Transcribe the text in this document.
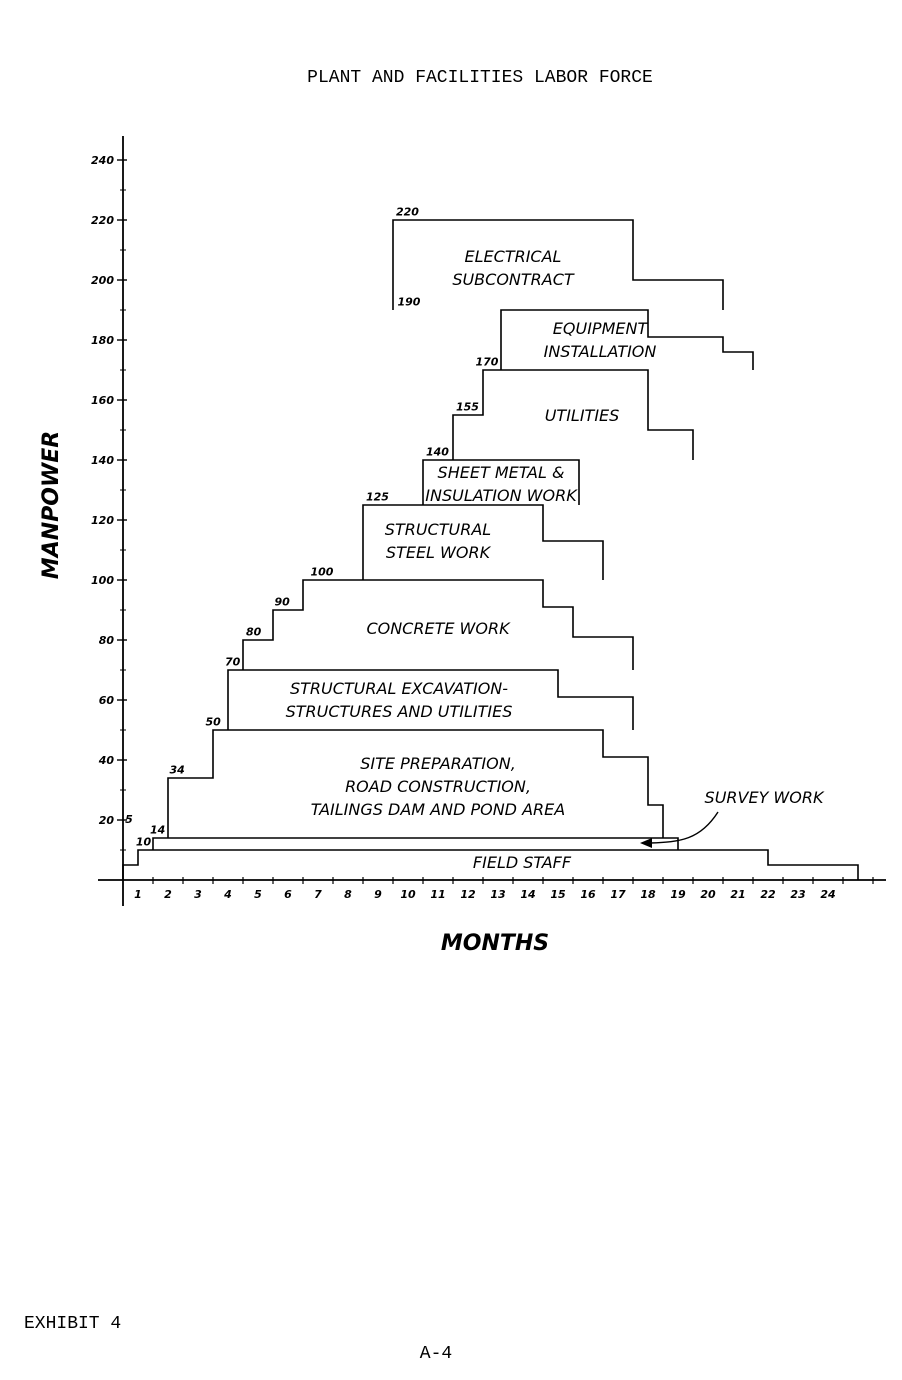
PLANT AND FACILITIES LABOR FORCE
20
40
60
80
100
120
140
160
180
200
220
240
1 2 3 4 5 6 7 8 9 10 11 12 13 14 15 16 17 18 19 20 21 22 23 24
MONTHS
MANPOWER
FIELD STAFF
SITE PREPARATION,
ROAD CONSTRUCTION,
TAILINGS DAM AND POND AREA
STRUCTURAL EXCAVATION-
STRUCTURES AND UTILITIES
CONCRETE WORK
STRUCTURAL
STEEL WORK
SHEET METAL &
INSULATION WORK
UTILITIES
EQUIPMENT
INSTALLATION
ELECTRICAL
SUBCONTRACT
SURVEY WORK
5
10
14
34
50
70
80
90
100
125
140
155
170
190
220
EXHIBIT 4
A-4
